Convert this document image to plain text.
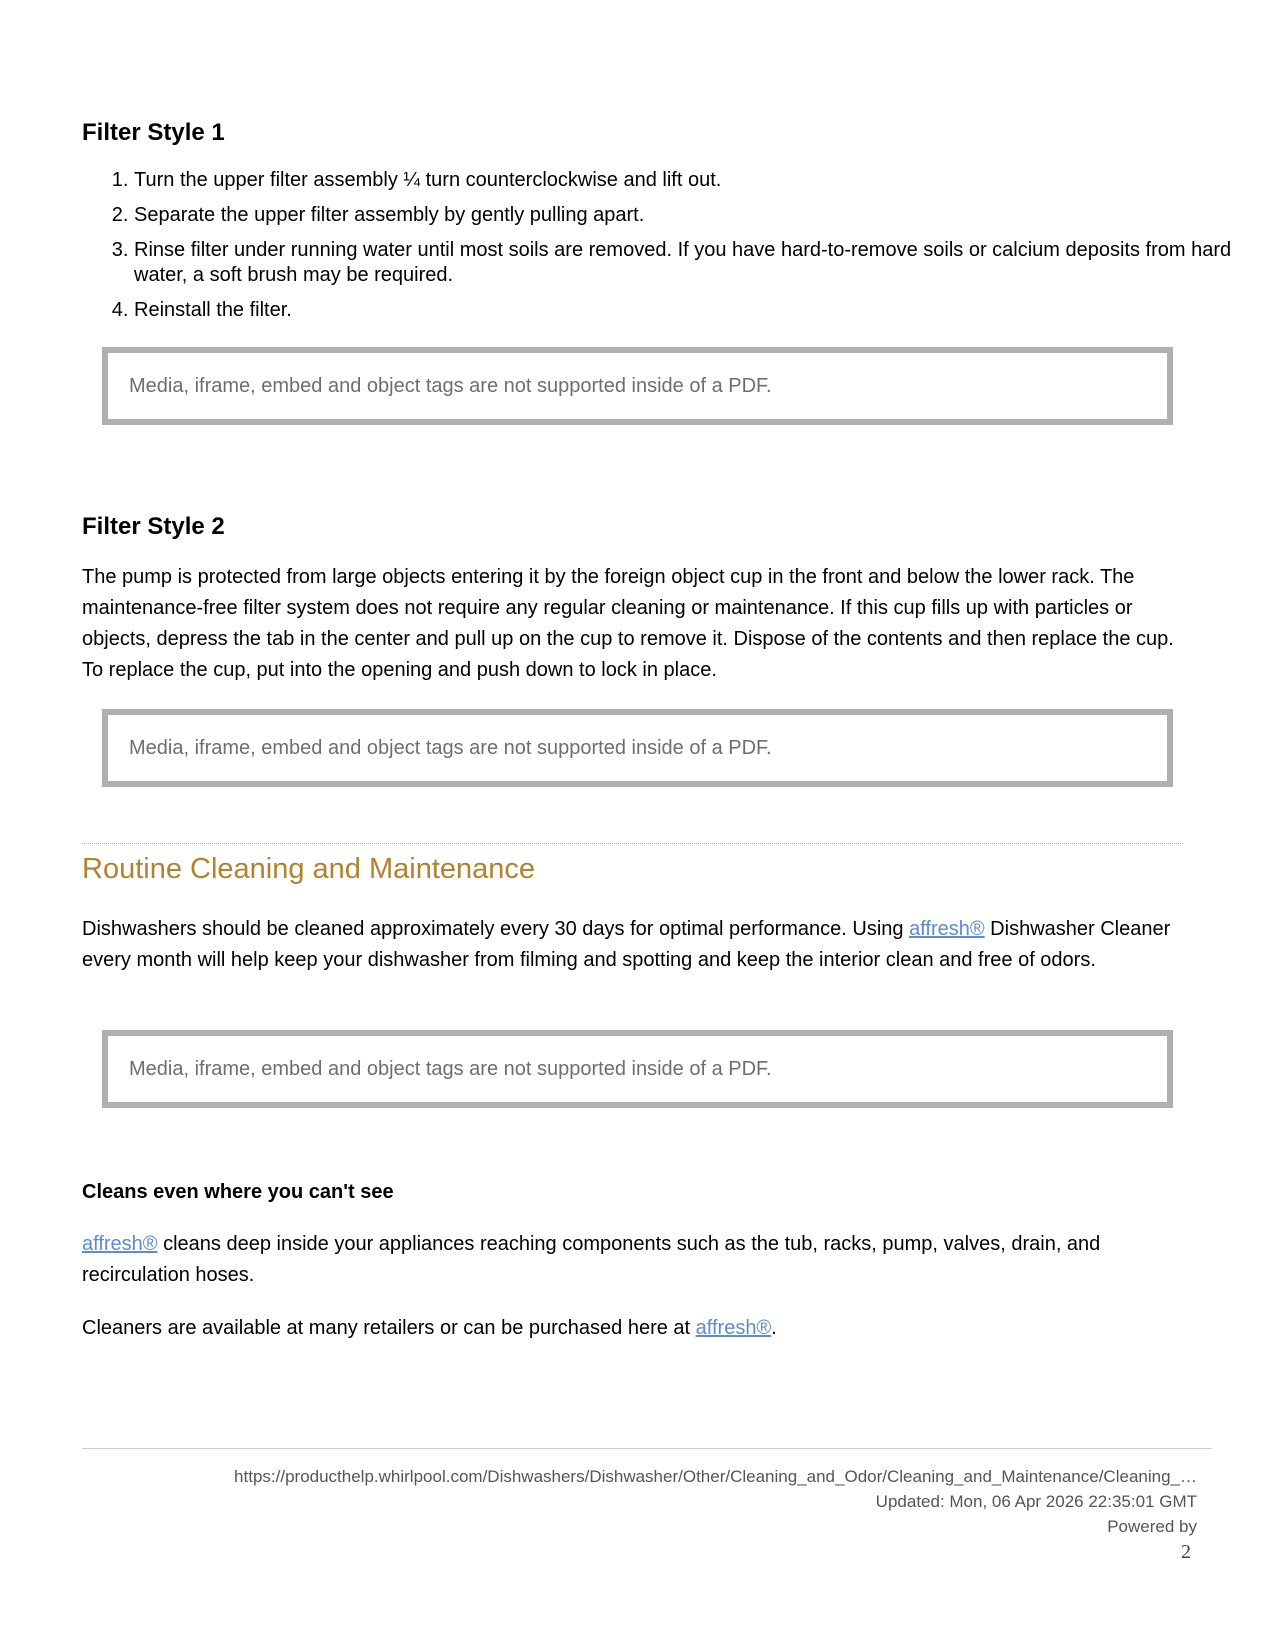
Filter Style 1
1. Turn the upper filter assembly ¼ turn counterclockwise and lift out.
2. Separate the upper filter assembly by gently pulling apart.
3. Rinse filter under running water until most soils are removed. If you have hard-to-remove soils or calcium deposits from hard water, a soft brush may be required.
4. Reinstall the filter.
Media, iframe, embed and object tags are not supported inside of a PDF.
Filter Style 2

The pump is protected from large objects entering it by the foreign object cup in the front and below the lower rack. The maintenance-free filter system does not require any regular cleaning or maintenance. If this cup fills up with particles or objects, depress the tab in the center and pull up on the cup to remove it. Dispose of the contents and then replace the cup. To replace the cup, put into the opening and push down to lock in place.

Media, iframe, embed and object tags are not supported inside of a PDF.
Routine Cleaning and Maintenance

Dishwashers should be cleaned approximately every 30 days for optimal performance. Using affresh® Dishwasher Cleaner every month will help keep your dishwasher from filming and spotting and keep the interior clean and free of odors.

Media, iframe, embed and object tags are not supported inside of a PDF.
Cleans even where you can't see

affresh® cleans deep inside your appliances reaching components such as the tub, racks, pump, valves, drain, and recirculation hoses.

Cleaners are available at many retailers or can be purchased here at affresh®.

https://producthelp.whirlpool.com/Dishwashers/Dishwasher/Other/Cleaning_and_Odor/Cleaning_and_Maintenance/Cleaning_…
Updated: Mon, 06 Apr 2026 22:35:01 GMT
Powered by
2
